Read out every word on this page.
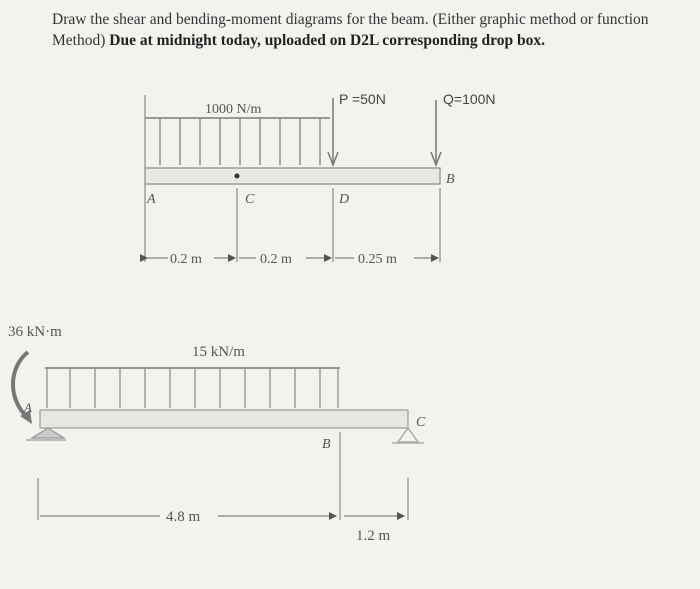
Draw the shear and bending-moment diagrams for the beam. (Either graphic method or function Method) Due at midnight today, uploaded on D2L corresponding drop box.
1000 N/m
P =50N	Q=100N
A	C	D
B
0.2 m	0.2 m	0.25 m
36 kN·m
15 kN/m
A
C
B
4.8 m
1.2 m
